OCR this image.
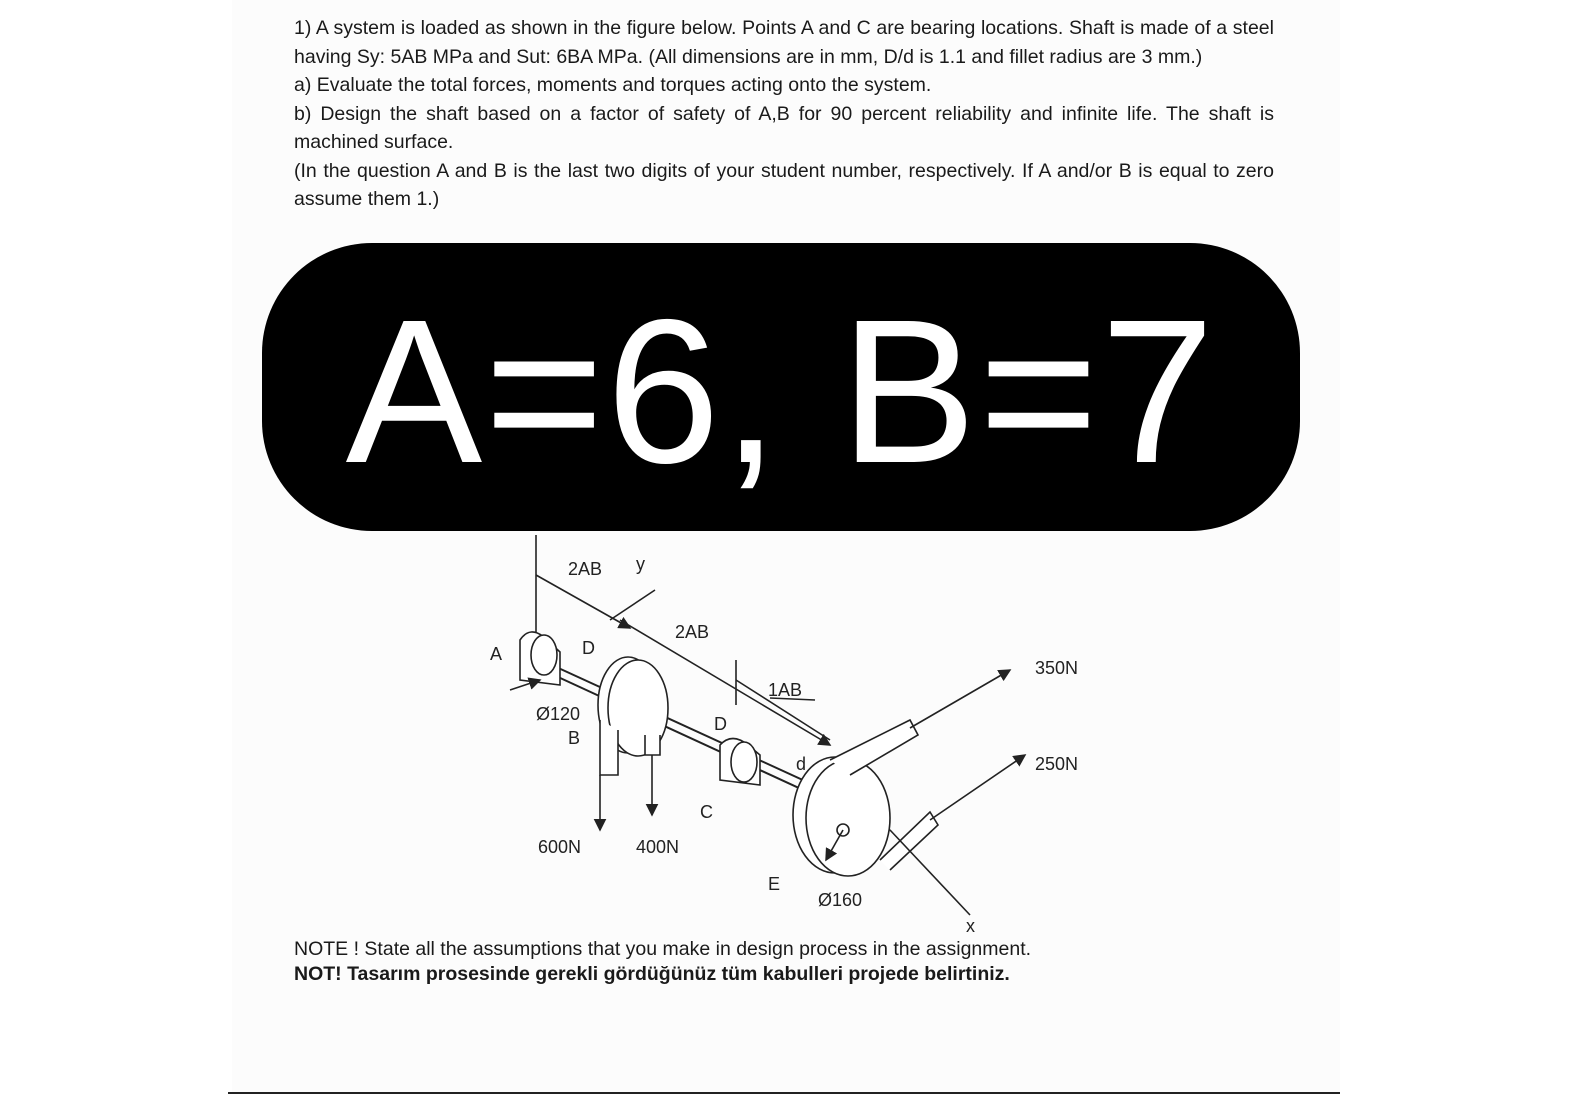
1) A system is loaded as shown in the figure below. Points A and C are bearing locations. Shaft is made of a steel having Sy: 5AB MPa and Sut: 6BA MPa. (All dimensions are in mm, D/d is 1.1 and fillet radius are 3 mm.)

a) Evaluate the total forces, moments and torques acting onto the system.

b) Design the shaft based on a factor of safety of A,B for 90 percent reliability and infinite life. The shaft is machined surface.

(In the question A and B is the last two digits of your student number, respectively. If A and/or B is equal to zero assume them 1.)

A=6, B=7
2AB y
2AB
1AB
A	D
Ø120
B
D
d
C
600N	400N
350N
250N
E
Ø160
x
NOTE ! State all the assumptions that you make in design process in the assignment.
NOT! Tasarım prosesinde gerekli gördüğünüz tüm kabulleri projede belirtiniz.
